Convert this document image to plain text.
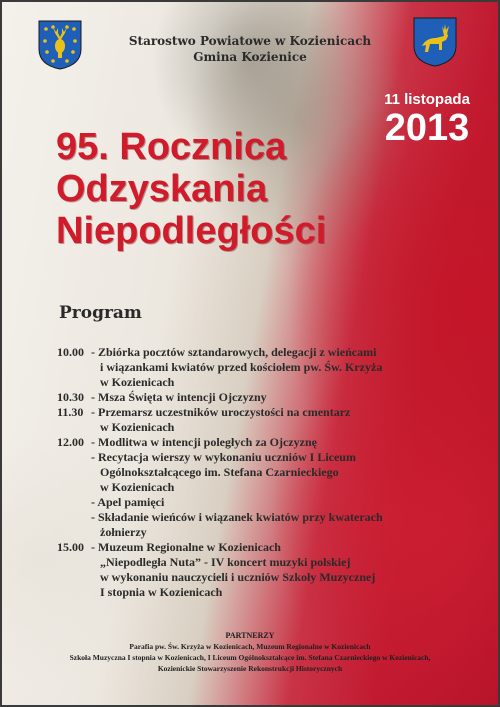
Starostwo Powiatowe w Kozienicach
Gmina Kozienice
11 listopada
2013
95. Rocznica
Odzyskania
Niepodległości
Program
10.00 - Zbiórka pocztów sztandarowych, delegacji z wieńcami
i wiązankami kwiatów przed kościołem pw. Św. Krzyża
w Kozienicach
10.30 - Msza Święta w intencji Ojczyzny
11.30 - Przemarsz uczestników uroczystości na cmentarz
w Kozienicach
12.00 - Modlitwa w intencji poległych za Ojczyznę
- Recytacja wierszy w wykonaniu uczniów I Liceum
Ogólnokształcącego im. Stefana Czarnieckiego
w Kozienicach
- Apel pamięci
- Składanie wieńców i wiązanek kwiatów przy kwaterach
żołnierzy
15.00 - Muzeum Regionalne w Kozienicach
„Niepodległa Nuta” - IV koncert muzyki polskiej
w wykonaniu nauczycieli i uczniów Szkoły Muzycznej
I stopnia w Kozienicach
PARTNERZY
Parafia pw. Św. Krzyża w Kozienicach, Muzeum Regionalne w Kozienicach
Szkoła Muzyczna I stopnia w Kozienicach, I Liceum Ogólnokształcące im. Stefana Czarnieckiego w Kozienicach,
Kozienickie Stowarzyszenie Rekonstrukcji Historycznych
